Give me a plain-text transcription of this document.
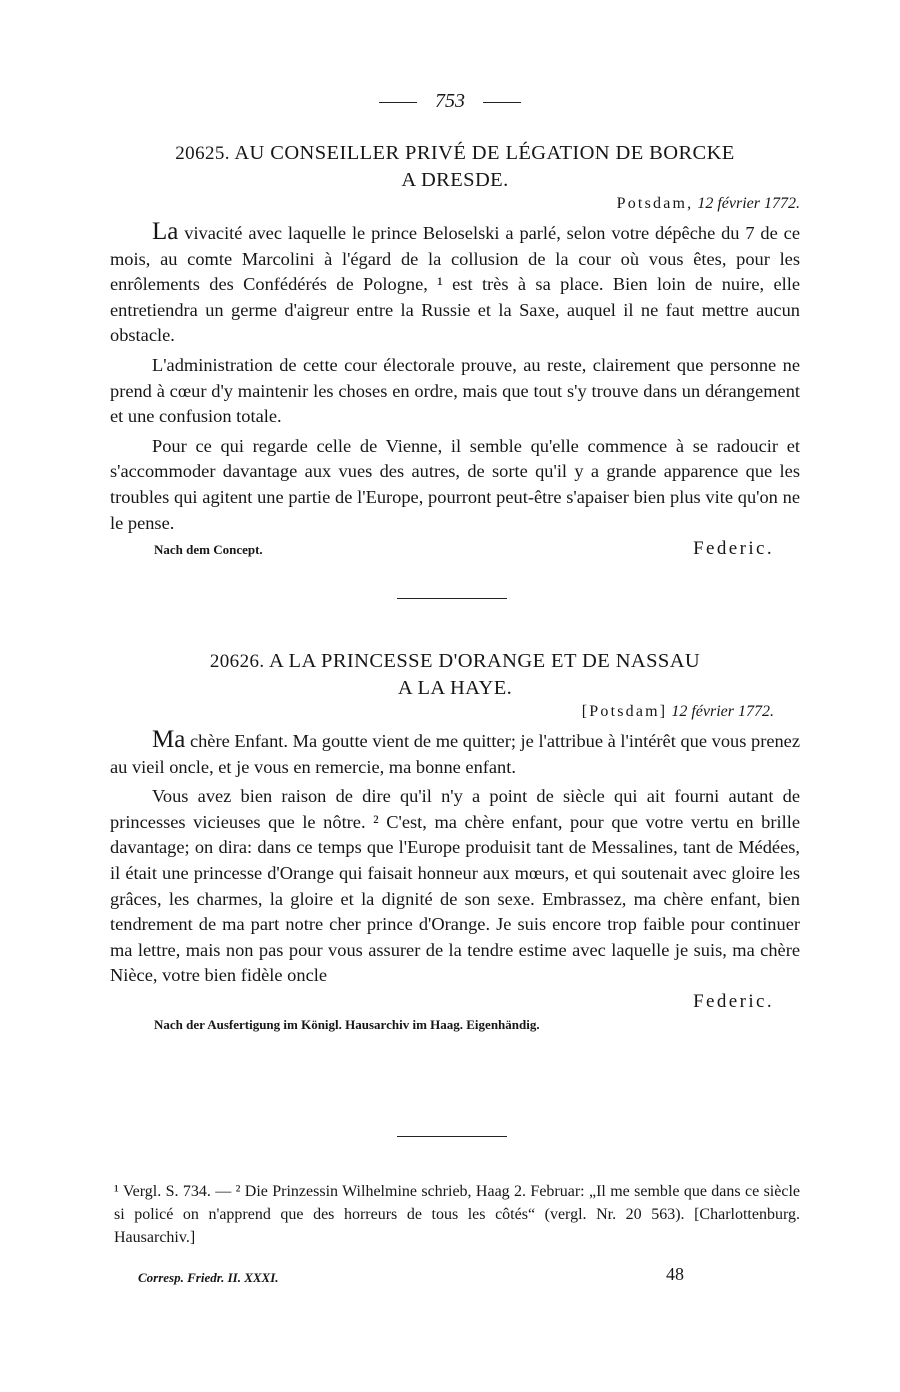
753
20625. AU CONSEILLER PRIVÉ DE LÉGATION DE BORCKE
A DRESDE.
Potsdam, 12 février 1772.

La vivacité avec laquelle le prince Beloselski a parlé, selon votre dépêche du 7 de ce mois, au comte Marcolini à l'égard de la collusion de la cour où vous êtes, pour les enrôlements des Confédérés de Pologne, ¹ est très à sa place. Bien loin de nuire, elle entretiendra un germe d'aigreur entre la Russie et la Saxe, auquel il ne faut mettre aucun obstacle.

L'administration de cette cour électorale prouve, au reste, clairement que personne ne prend à cœur d'y maintenir les choses en ordre, mais que tout s'y trouve dans un dérangement et une confusion totale.

Pour ce qui regarde celle de Vienne, il semble qu'elle commence à se radoucir et s'accommoder davantage aux vues des autres, de sorte qu'il y a grande apparence que les troubles qui agitent une partie de l'Europe, pourront peut-être s'apaiser bien plus vite qu'on ne le pense.

Nach dem Concept.	Federic.
20626. A LA PRINCESSE D'ORANGE ET DE NASSAU
A LA HAYE.
[Potsdam] 12 février 1772.

Ma chère Enfant. Ma goutte vient de me quitter; je l'attribue à l'intérêt que vous prenez au vieil oncle, et je vous en remercie, ma bonne enfant.

Vous avez bien raison de dire qu'il n'y a point de siècle qui ait fourni autant de princesses vicieuses que le nôtre. ² C'est, ma chère enfant, pour que votre vertu en brille davantage; on dira: dans ce temps que l'Europe produisit tant de Messalines, tant de Médées, il était une princesse d'Orange qui faisait honneur aux mœurs, et qui soutenait avec gloire les grâces, les charmes, la gloire et la dignité de son sexe. Embrassez, ma chère enfant, bien tendrement de ma part notre cher prince d'Orange. Je suis encore trop faible pour continuer ma lettre, mais non pas pour vous assurer de la tendre estime avec laquelle je suis, ma chère Nièce, votre bien fidèle oncle

Federic.
Nach der Ausfertigung im Königl. Hausarchiv im Haag. Eigenhändig.
¹ Vergl. S. 734. — ² Die Prinzessin Wilhelmine schrieb, Haag 2. Februar: „Il me semble que dans ce siècle si policé on n'apprend que des horreurs de tous les côtés“ (vergl. Nr. 20 563). [Charlottenburg. Hausarchiv.]
Corresp. Friedr. II. XXXI.	48
